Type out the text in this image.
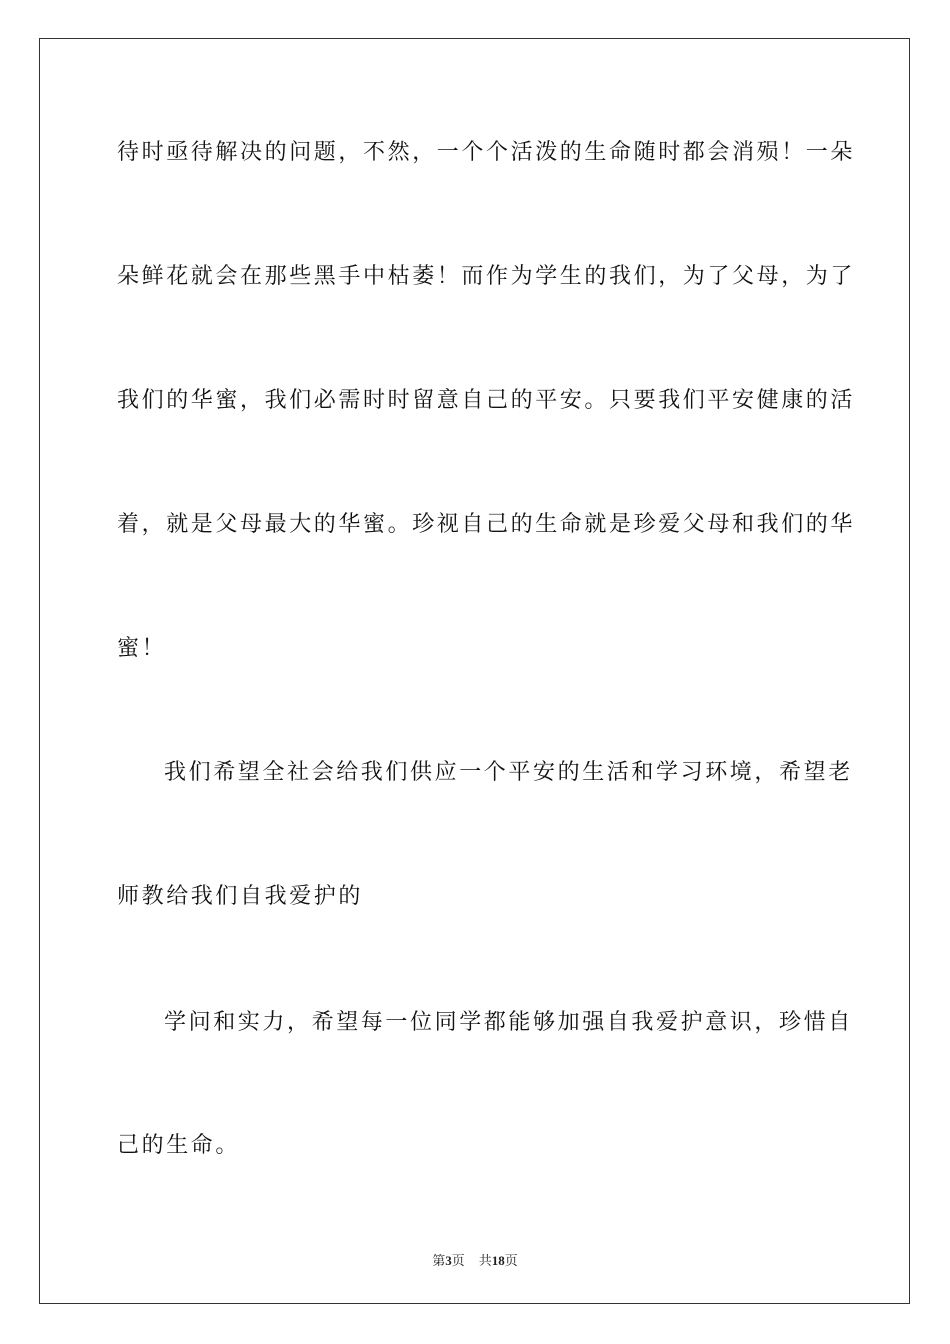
待时亟待解决的问题，不然，一个个活泼的生命随时都会消殒！一朵
朵鲜花就会在那些黑手中枯萎！而作为学生的我们，为了父母，为了
我们的华蜜，我们必需时时留意自己的平安。只要我们平安健康的活
着，就是父母最大的华蜜。珍视自己的生命就是珍爱父母和我们的华
蜜！
我们希望全社会给我们供应一个平安的生活和学习环境，希望老
师教给我们自我爱护的
学问和实力，希望每一位同学都能够加强自我爱护意识，珍惜自
己的生命。
第3页 共18页
